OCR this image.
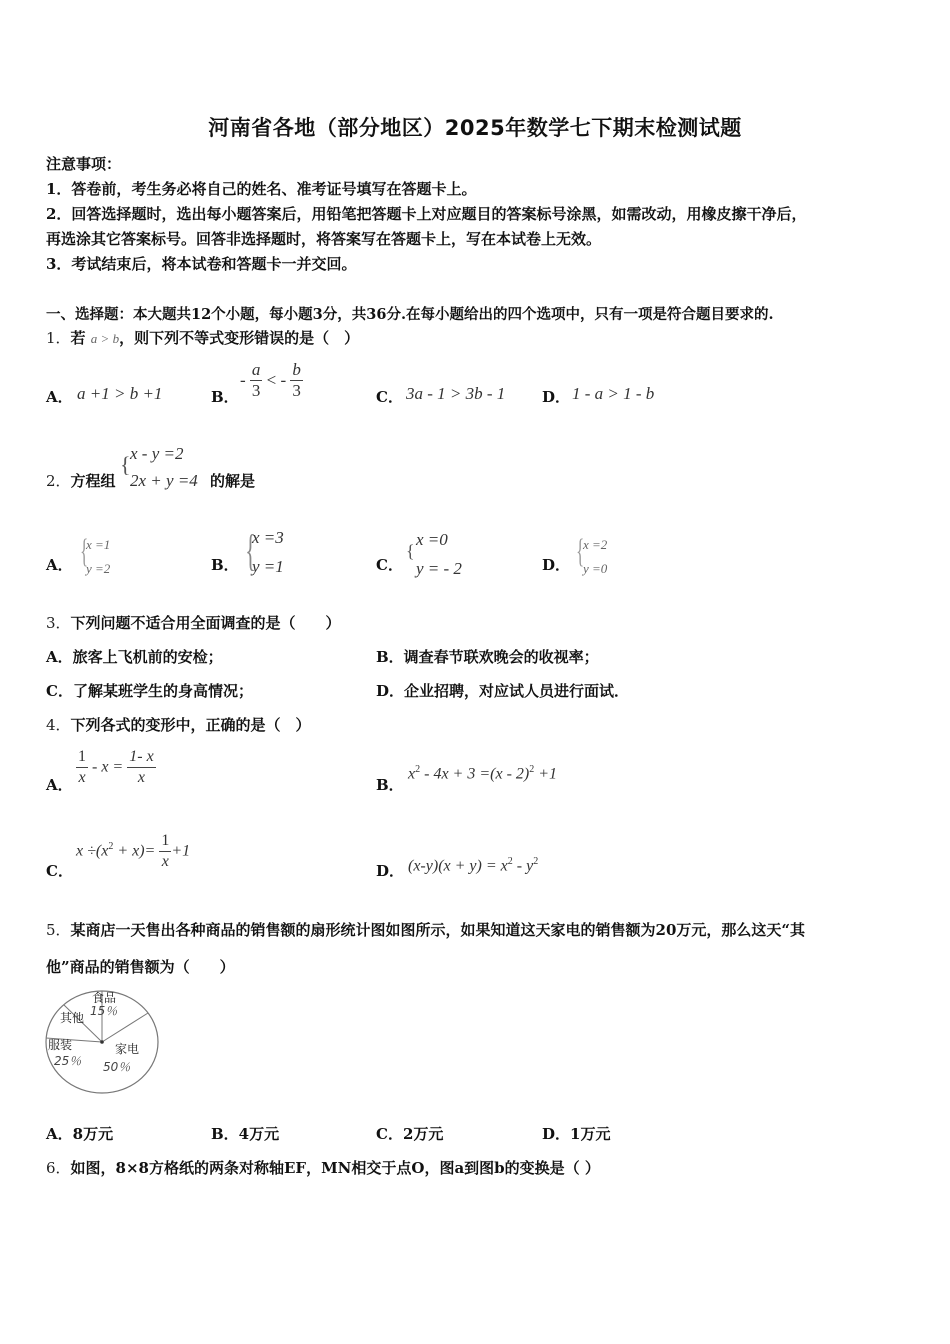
河南省各地（部分地区）2025年数学七下期末检测试题
注意事项：
1．答卷前，考生务必将自己的姓名、准考证号填写在答题卡上。
2．回答选择题时，选出每小题答案后，用铅笔把答题卡上对应题目的答案标号涂黑，如需改动，用橡皮擦干净后，
再选涂其它答案标号。回答非选择题时，将答案写在答题卡上，写在本试卷上无效。
3．考试结束后，将本试卷和答题卡一并交回。
一、选择题：本大题共12个小题，每小题3分，共36分.在每小题给出的四个选项中，只有一项是符合题目要求的.
1．若 a > b，则下列不等式变形错误的是（　）
A． a +1 > b +1	B．
- $\frac{a}{3}$ < - $\frac{b}{3}$	C． 3a - 1 > 3b - 1 D． 1 - a > 1 - b
2．方程组
{ x - y =2
2x + y =4 的解是
A． {
x =1
y =2	B． {
x =3
y =1	C．
{
x =0
y = - 2	D． {
x =2
y =0
3．下列问题不适合用全面调查的是（　　）
A．旅客上飞机前的安检；	B．调查春节联欢晚会的收视率；
C．了解某班学生的身高情况；	D．企业招聘，对应试人员进行面试．
4．下列各式的变形中，正确的是（　）
A． $\frac{1}{x} - x = \frac{1- x}{x}$	B．
$x^2 - 4x + 3 =(x - 2)^2 +1$
C．
$x \div(x^2 + x)= \frac{1}{x} +1$
D． $(x-y)(x + y) = x^2 - y^2$
5．某商店一天售出各种商品的销售额的扇形统计图如图所示，如果知道这天家电的销售额为20万元，那么这天“其
他”商品的销售额为（　　）
食品
15％
其他
服装
25％
家电
50％
A．8万元	B．4万元	C．2万元	D．1万元
6．如图，8×8方格纸的两条对称轴EF，MN相交于点O，图a到图b的变换是（ ）
